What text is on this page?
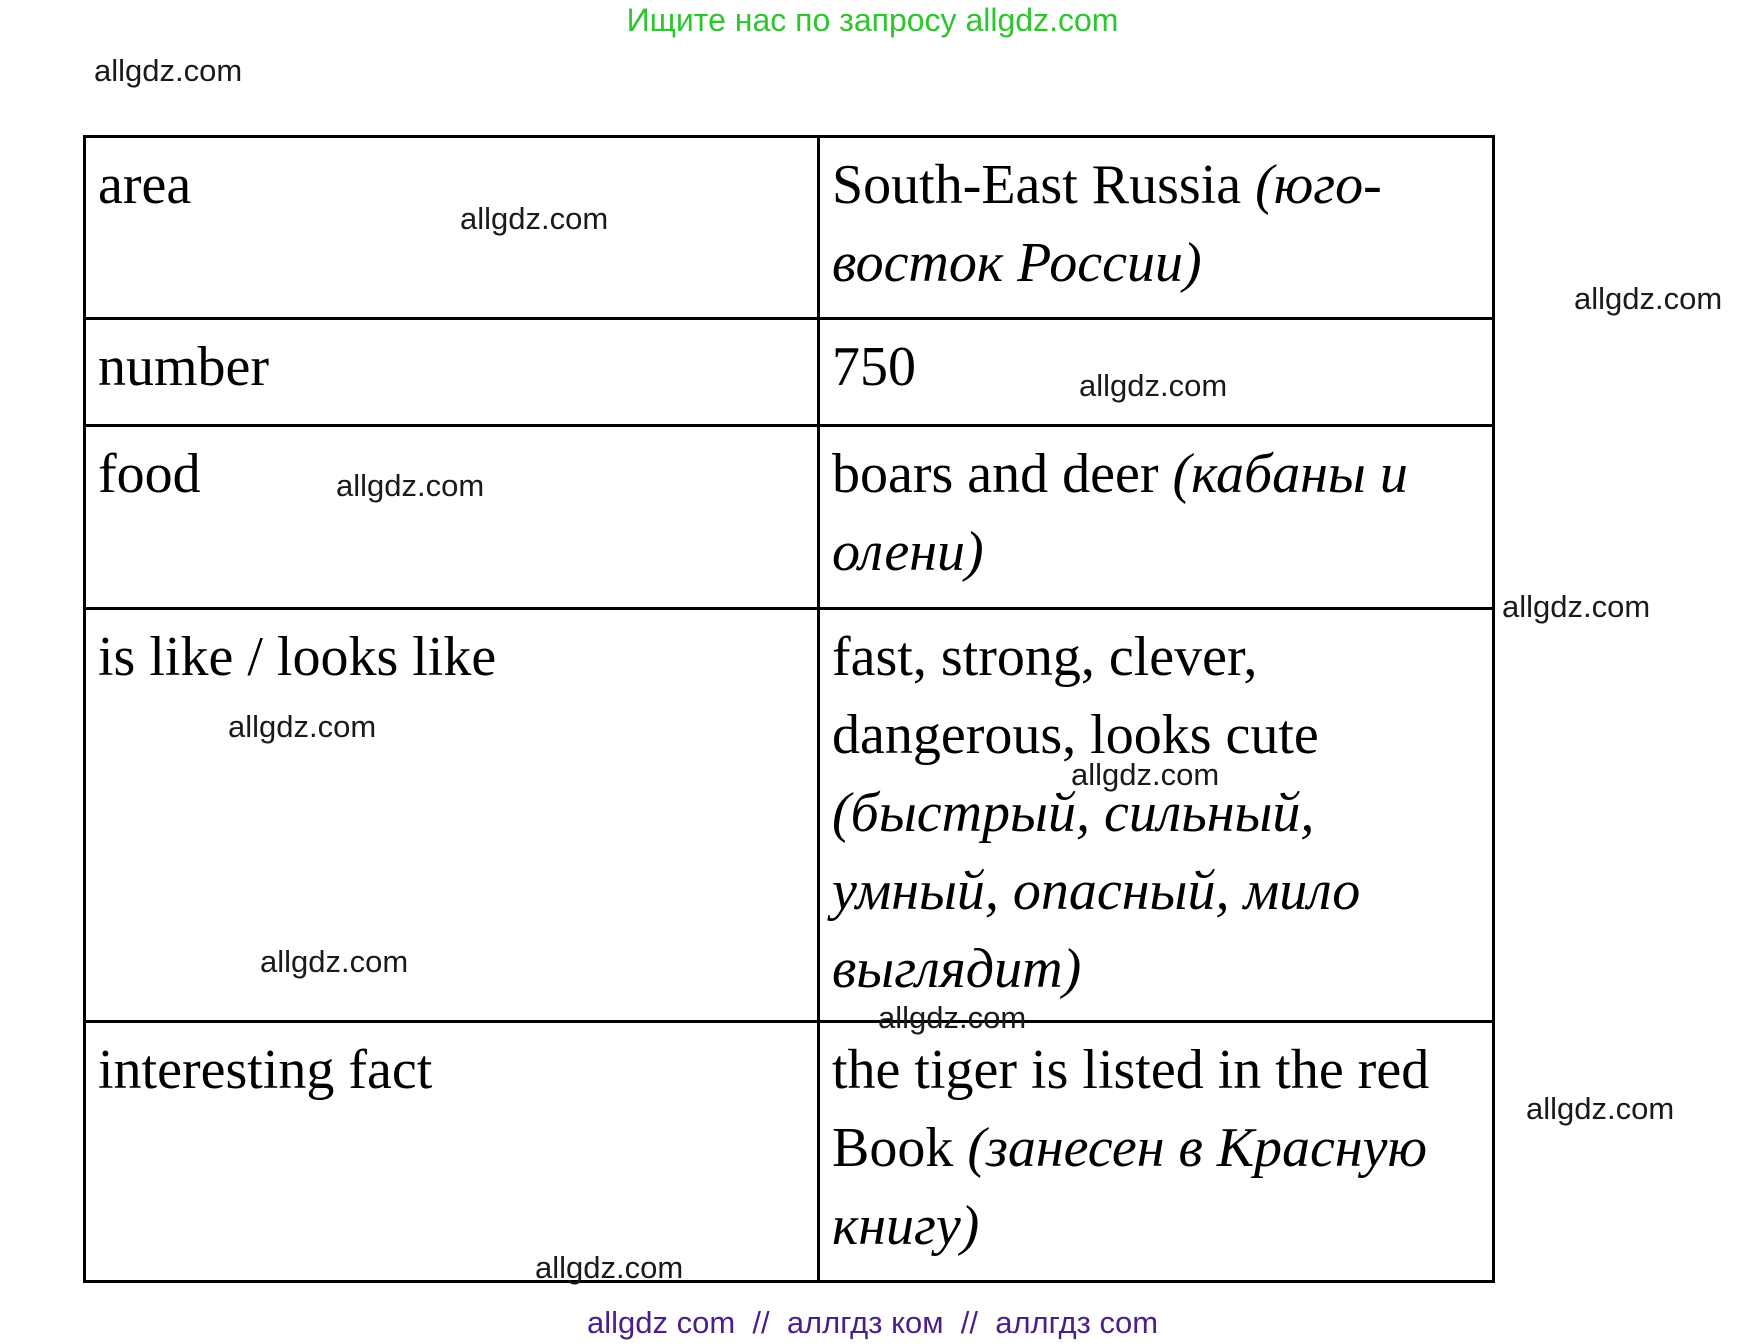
Ищите нас по запросу allgdz.com
allgdz.com
area	South-East Russia (юго-восток России)
number	750
food	boars and deer (кабаны и олени)
is like / looks like	fast, strong, clever, dangerous, looks cute (быстрый, сильный, умный, опасный, мило выглядит)
interesting fact	the tiger is listed in the red Book (занесен в Красную книгу)
allgdz.com
allgdz.com
allgdz.com
allgdz.com
allgdz.com
allgdz.com
allgdz.com
allgdz.com
allgdz.com
allgdz.com
allgdz.com
allgdz com  //  аллгдз ком  //  аллгдз com
